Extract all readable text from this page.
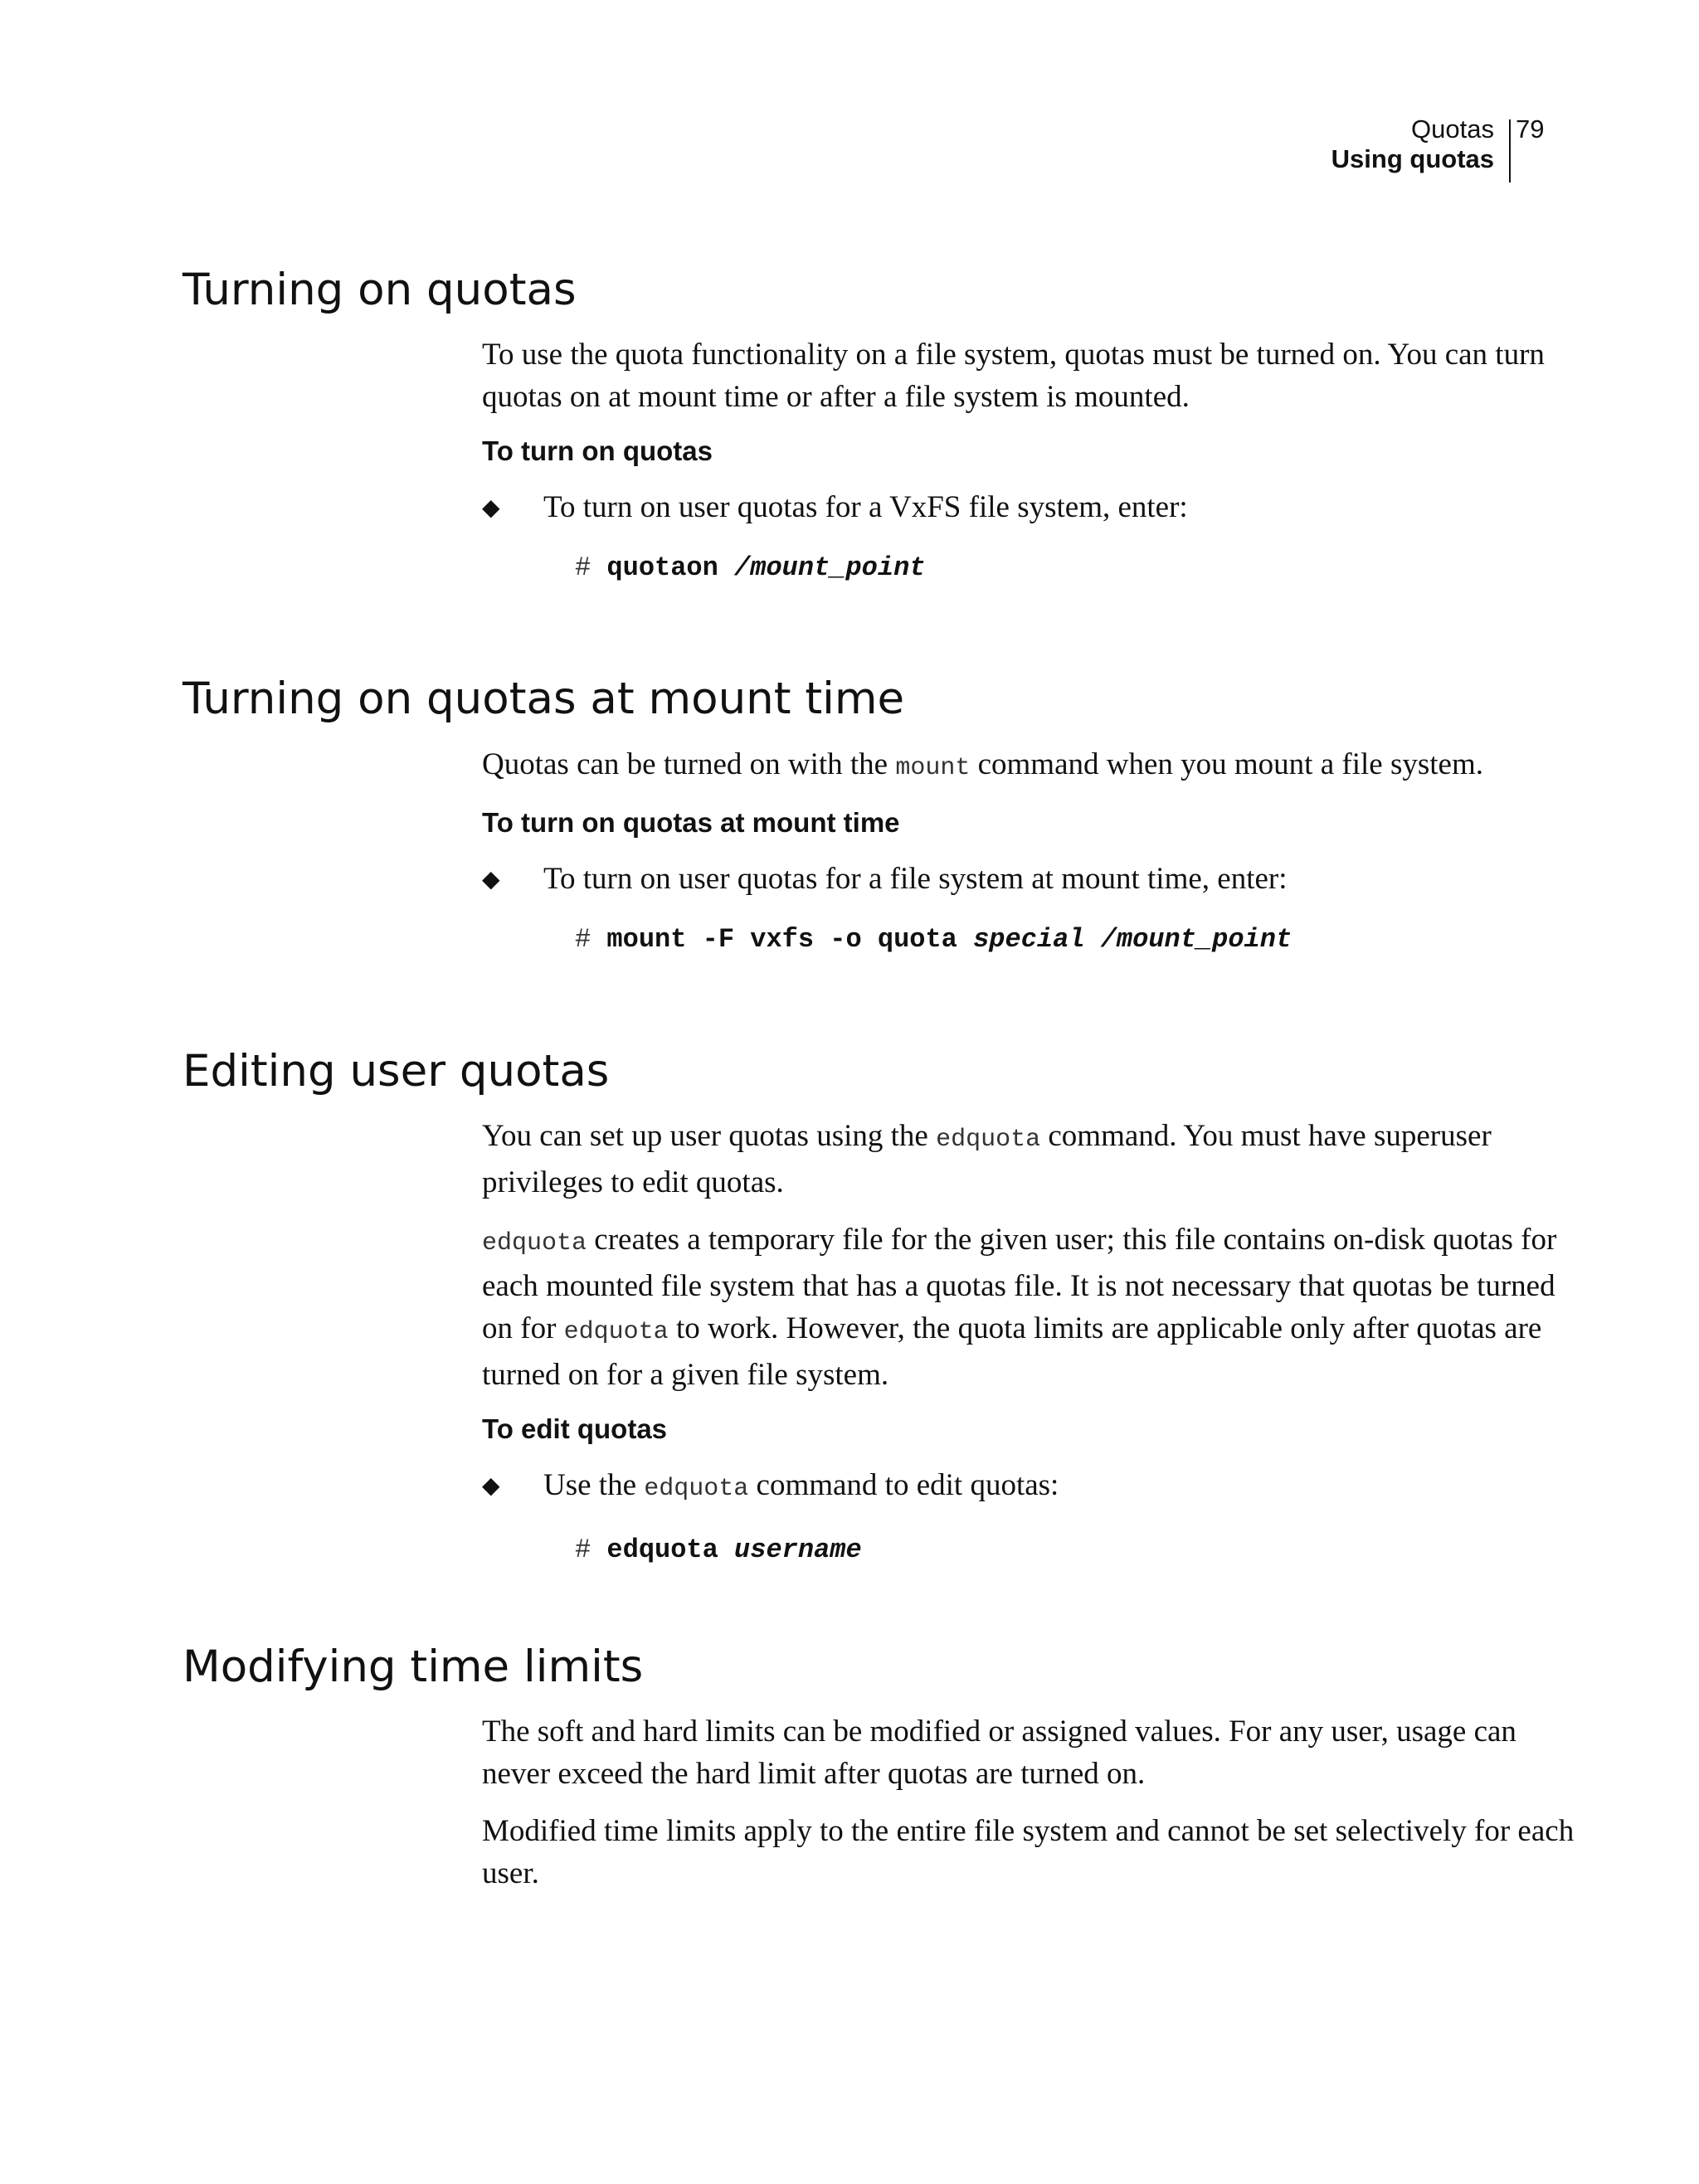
Quotas
Using quotas
79
Turning on quotas

To use the quota functionality on a file system, quotas must be turned on. You can turn quotas on at mount time or after a file system is mounted.

To turn on quotas
◆	To turn on user quotas for a VxFS file system, enter:
# quotaon /mount_point
Turning on quotas at mount time

Quotas can be turned on with the mount command when you mount a file system.

To turn on quotas at mount time
◆	To turn on user quotas for a file system at mount time, enter:
# mount -F vxfs -o quota special /mount_point
Editing user quotas

You can set up user quotas using the edquota command. You must have superuser privileges to edit quotas.

edquota creates a temporary file for the given user; this file contains on-disk quotas for each mounted file system that has a quotas file. It is not necessary that quotas be turned on for edquota to work. However, the quota limits are applicable only after quotas are turned on for a given file system.

To edit quotas
◆	Use the edquota command to edit quotas:
# edquota username
Modifying time limits

The soft and hard limits can be modified or assigned values. For any user, usage can never exceed the hard limit after quotas are turned on.

Modified time limits apply to the entire file system and cannot be set selectively for each user.
